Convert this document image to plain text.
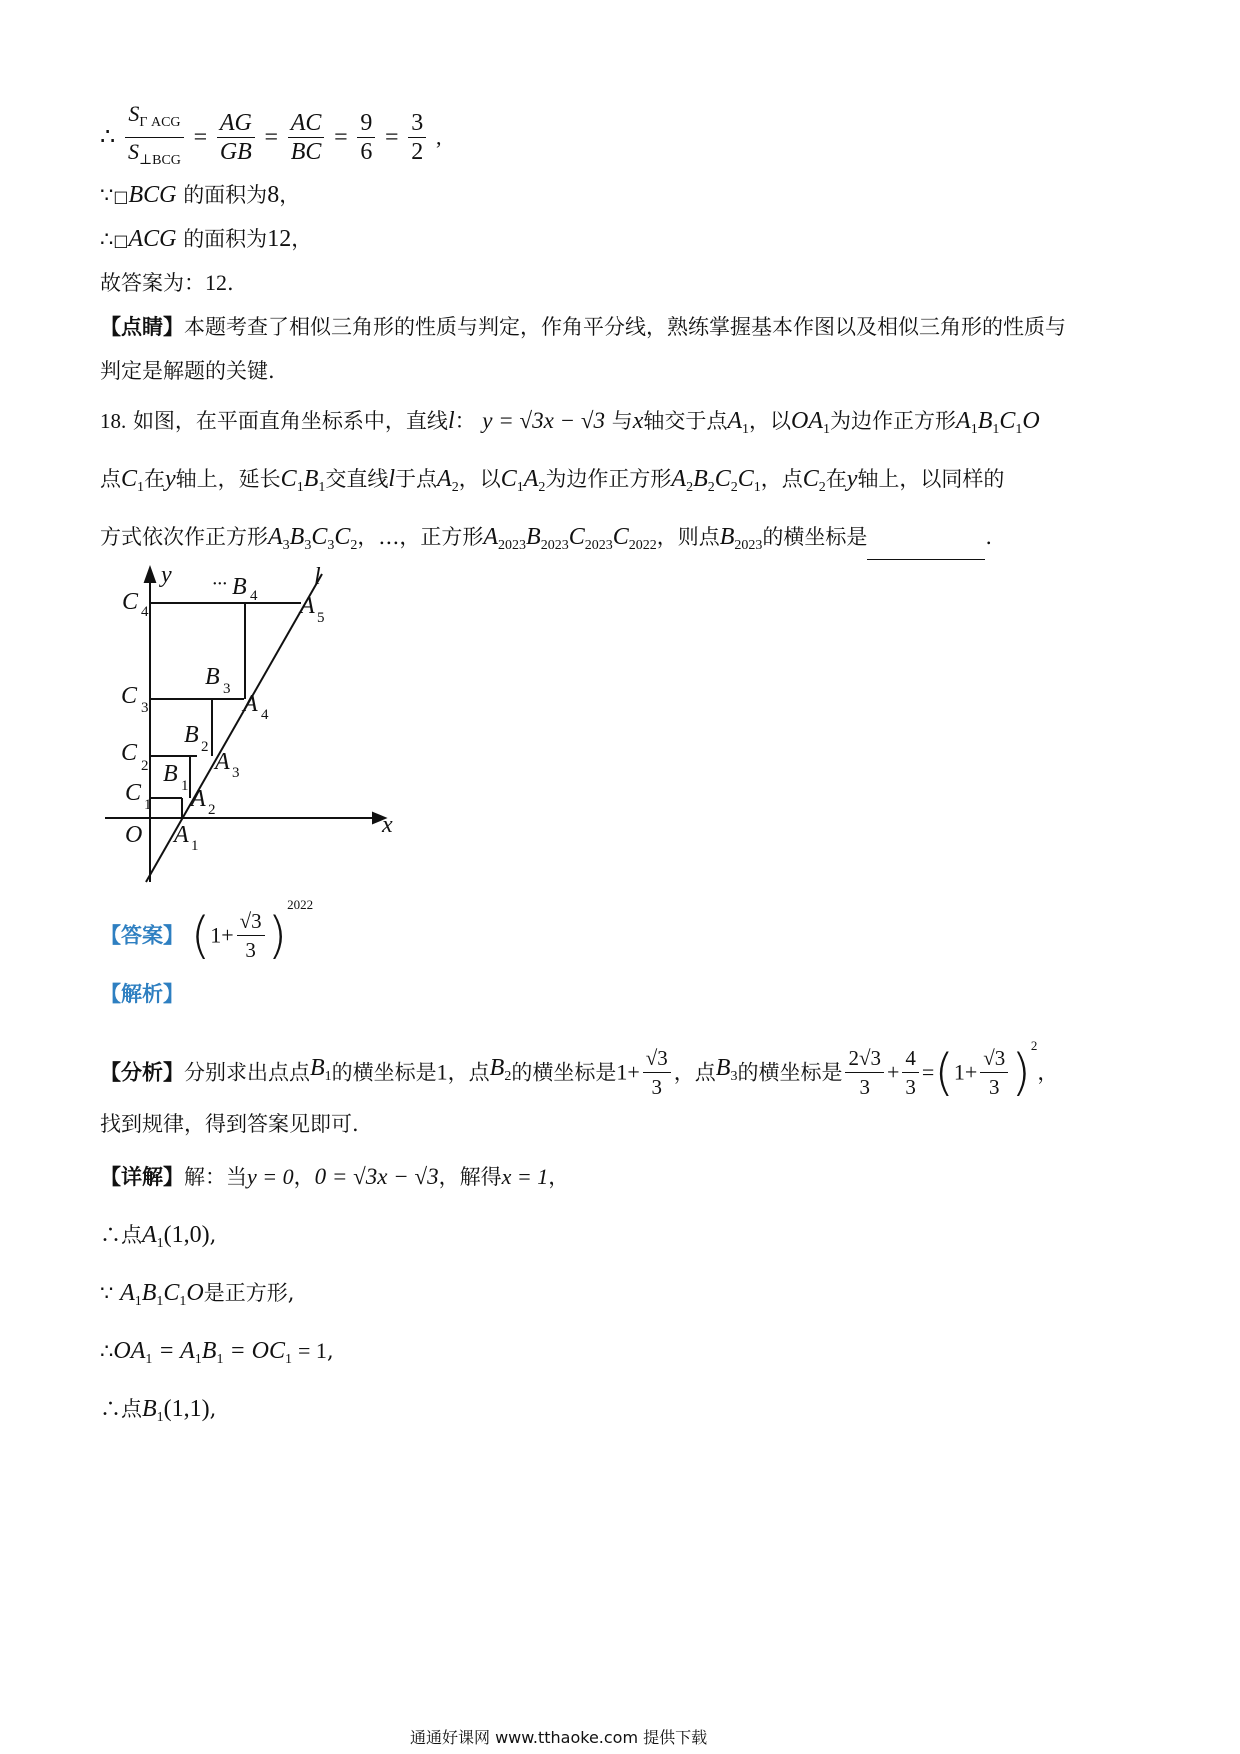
∴ $\frac{S_{\Gamma ACG}}{S_{\perp BCG}} = \frac{AG}{GB} = \frac{AC}{BC} = \frac{9}{6} = \frac{3}{2}$ ,
∵□BCG 的面积为8，
∴□ACG 的面积为12，
故答案为：12.
【点睛】本题考查了相似三角形的性质与判定，作角平分线，熟练掌握基本作图以及相似三角形的性质与
判定是解题的关键.
18. 如图，在平面直角坐标系中，直线l： y = √3x − √3 与x轴交于点$A_1$，以$OA_1$为边作正方形$A_1B_1C_1O$
点$C_1$在y轴上，延长$C_1B_1$交直线l于点$A_2$，以$C_1A_2$为边作正方形$A_2B_2C_2C_1$，点$C_2$在y轴上，以同样的
方式依次作正方形$A_3B_3C_3C_2$，…，正方形$A_{2023}B_{2023}C_{2023}C_{2022}$，则点$B_{2023}$的横坐标是	.
y
x
l
O
··· B 4
C 4	A 5
B 3
C 3	A 4
B 2
C 2	A 3
B 1
C 1 A 2
A 1
【答案】 $(1+ \frac{√3}{3} )^{2022}$
【解析】
【分析】分别求出点点$B_1$的横坐标是1，点$B_2$的横坐标是$1+ \frac{√3}{3}$ ，点$B_3$的横坐标是 $\frac{2√3}{3} + \frac{4}{3} =(1+ \frac{√3}{3} )^2$，
找到规律，得到答案见即可.
【详解】解：当y = 0，0 = √3x − √3，解得x = 1，
∴点$A_1(1,0)$,
∵ $A_1B_1C_1O$是正方形,
$\therefore OA_1 = A_1B_1 = OC_1 = 1$,
∴点$B_1(1,1)$,
通通好课网 www.tthaoke.com 提供下载
